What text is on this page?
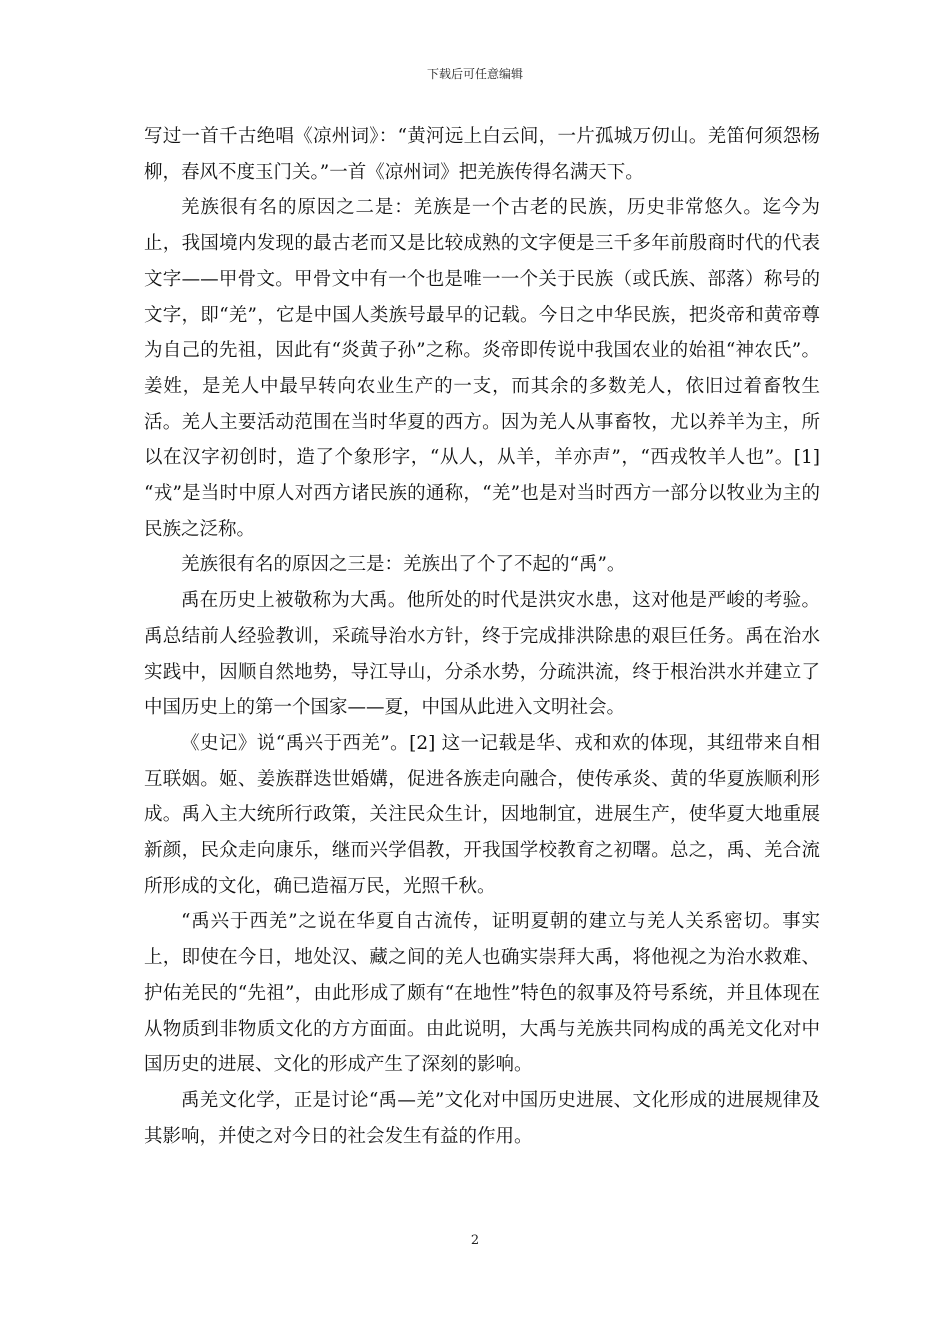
下载后可任意编辑

写过一首千古绝唱《凉州词》：“黄河远上白云间，一片孤城万仞山。羌笛何须怨杨柳，春风不度玉门关。”一首《凉州词》把羌族传得名满天下。

羌族很有名的原因之二是：羌族是一个古老的民族，历史非常悠久。迄今为止，我国境内发现的最古老而又是比较成熟的文字便是三千多年前殷商时代的代表文字——甲骨文。甲骨文中有一个也是唯一一个关于民族（或氏族、部落）称号的文字，即“羌”，它是中国人类族号最早的记载。今日之中华民族，把炎帝和黄帝尊为自己的先祖，因此有“炎黄子孙”之称。炎帝即传说中我国农业的始祖“神农氏”。姜姓，是羌人中最早转向农业生产的一支，而其余的多数羌人，依旧过着畜牧生活。羌人主要活动范围在当时华夏的西方。因为羌人从事畜牧，尤以养羊为主，所以在汉字初创时，造了个象形字，“从人，从羊，羊亦声”，“西戎牧羊人也”。[1] “戎”是当时中原人对西方诸民族的通称，“羌”也是对当时西方一部分以牧业为主的民族之泛称。

羌族很有名的原因之三是：羌族出了个了不起的“禹”。

禹在历史上被敬称为大禹。他所处的时代是洪灾水患，这对他是严峻的考验。禹总结前人经验教训，采疏导治水方针，终于完成排洪除患的艰巨任务。禹在治水实践中，因顺自然地势，导江导山，分杀水势，分疏洪流，终于根治洪水并建立了中国历史上的第一个国家——夏，中国从此进入文明社会。

《史记》说“禹兴于西羌”。[2] 这一记载是华、戎和欢的体现，其纽带来自相互联姻。姬、姜族群迭世婚媾，促进各族走向融合，使传承炎、黄的华夏族顺利形成。禹入主大统所行政策，关注民众生计，因地制宜，进展生产，使华夏大地重展新颜，民众走向康乐，继而兴学倡教，开我国学校教育之初曙。总之，禹、羌合流所形成的文化，确已造福万民，光照千秋。

“禹兴于西羌”之说在华夏自古流传，证明夏朝的建立与羌人关系密切。事实上，即使在今日，地处汉、藏之间的羌人也确实崇拜大禹，将他视之为治水救难、护佑羌民的“先祖”，由此形成了颇有“在地性”特色的叙事及符号系统，并且体现在从物质到非物质文化的方方面面。由此说明，大禹与羌族共同构成的禹羌文化对中国历史的进展、文化的形成产生了深刻的影响。

禹羌文化学，正是讨论“禹—羌”文化对中国历史进展、文化形成的进展规律及其影响，并使之对今日的社会发生有益的作用。

2
